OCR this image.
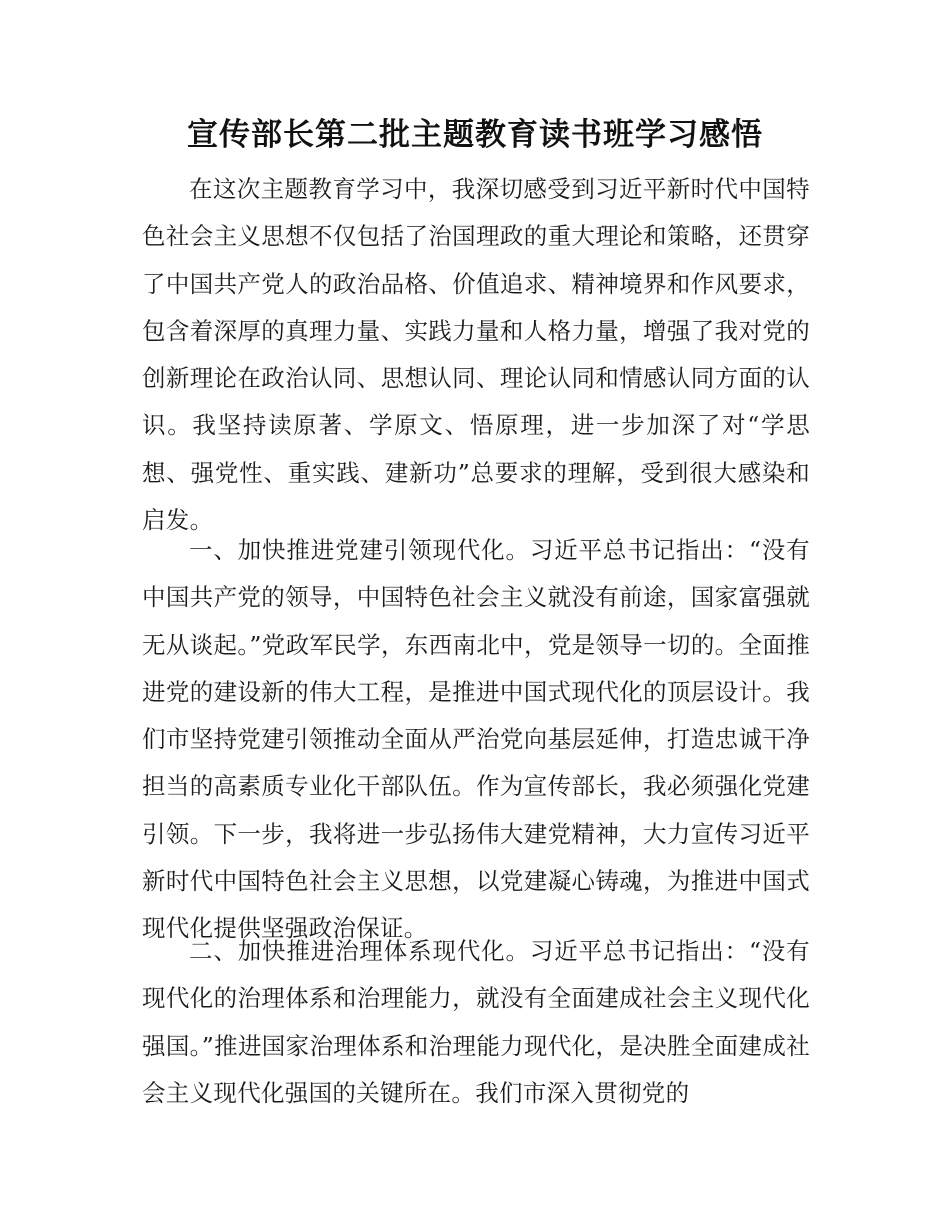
宣传部长第二批主题教育读书班学习感悟

在这次主题教育学习中，我深切感受到习近平新时代中国特色社会主义思想不仅包括了治国理政的重大理论和策略，还贯穿了中国共产党人的政治品格、价值追求、精神境界和作风要求，包含着深厚的真理力量、实践力量和人格力量，增强了我对党的创新理论在政治认同、思想认同、理论认同和情感认同方面的认识。我坚持读原著、学原文、悟原理，进一步加深了对“学思想、强党性、重实践、建新功”总要求的理解，受到很大感染和启发。

一、加快推进党建引领现代化。习近平总书记指出：“没有中国共产党的领导，中国特色社会主义就没有前途，国家富强就无从谈起。”党政军民学，东西南北中，党是领导一切的。全面推进党的建设新的伟大工程，是推进中国式现代化的顶层设计。我们市坚持党建引领推动全面从严治党向基层延伸，打造忠诚干净担当的高素质专业化干部队伍。作为宣传部长，我必须强化党建引领。下一步，我将进一步弘扬伟大建党精神，大力宣传习近平新时代中国特色社会主义思想，以党建凝心铸魂，为推进中国式现代化提供坚强政治保证。

二、加快推进治理体系现代化。习近平总书记指出：“没有现代化的治理体系和治理能力，就没有全面建成社会主义现代化强国。”推进国家治理体系和治理能力现代化，是决胜全面建成社会主义现代化强国的关键所在。我们市深入贯彻党的
